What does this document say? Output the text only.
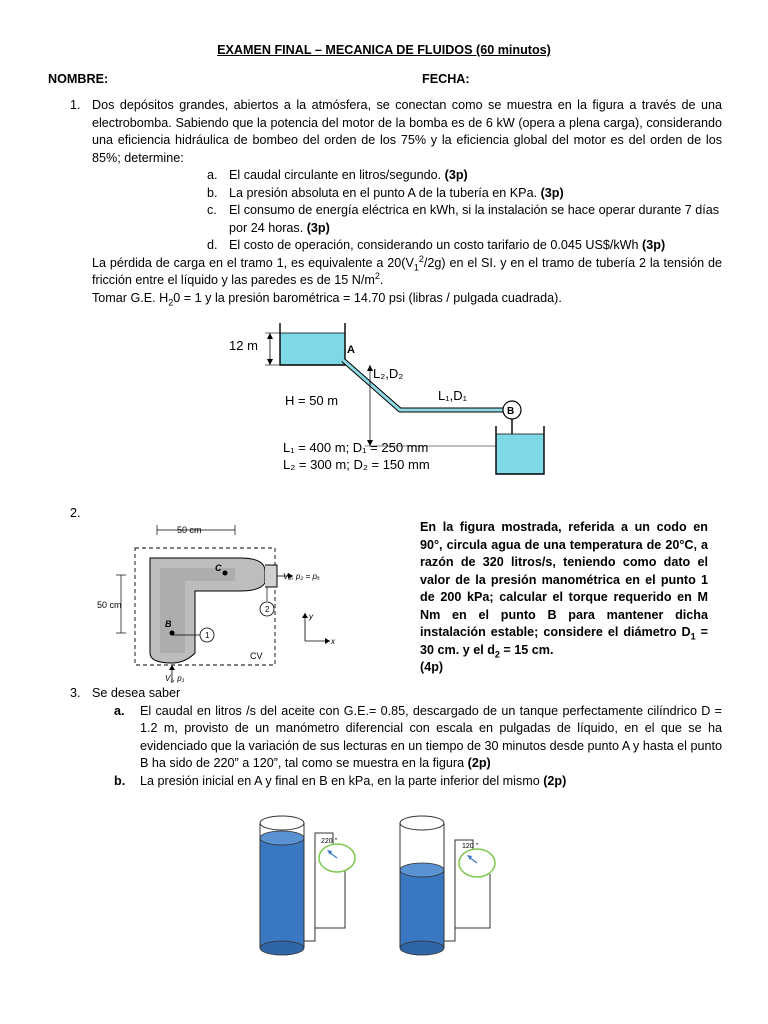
EXAMEN FINAL – MECANICA DE FLUIDOS (60 minutos)
NOMBRE:	FECHA:
1. Dos depósitos grandes, abiertos a la atmósfera, se conectan como se muestra en la figura a través de una electrobomba. Sabiendo que la potencia del motor de la bomba es de 6 kW (opera a plena carga), considerando una eficiencia hidráulica de bombeo del orden de los 75% y la eficiencia global del motor es del orden de los 85%; determine:
a. El caudal circulante en litros/segundo. (3p)
b. La presión absoluta en el punto A de la tubería en KPa. (3p)
c. El consumo de energía eléctrica en kWh, si la instalación se hace operar durante 7 días por 24 horas. (3p)
d. El costo de operación, considerando un costo tarifario de 0.045 US$/kWh (3p)
La pérdida de carga en el tramo 1, es equivalente a $20(V_1^2/2g)$ en el SI. y en el tramo de tubería 2 la tensión de fricción entre el líquido y las paredes es de 15 $N/m^2$.
Tomar G.E. $H_20 = 1$ y la presión barométrica = 14.70 psi (libras / pulgada cuadrada).
12 m	A
L₂,D₂
L₁,D₁
H = 50 m
B
L₁ = 400 m; D₁ = 250 mm
L₂ = 300 m; D₂ = 150 mm
2.
50 cm
50 cm
C
B
1
2
V₂, p₂ = pₐ
V₁, p₁
CV
y
x
En la figura mostrada, referida a un codo en 90°, circula agua de una temperatura de 20°C, a razón de 320 litros/s, teniendo como dato el valor de la presión manométrica en el punto 1 de 200 kPa; calcular el torque requerido en M Nm en el punto B para mantener dicha instalación estable; considere el diámetro $D_1 = 30$ cm. y el $d_2 = 15$ cm.
(4p)
3. Se desea saber
a. El caudal en litros /s del aceite con G.E.= 0.85, descargado de un tanque perfectamente cilíndrico D = 1.2 m, provisto de un manómetro diferencial con escala en pulgadas de líquido, en el que se ha evidenciado que la variación de sus lecturas en un tiempo de 30 minutos desde punto A y hasta el punto B ha sido de 220” a 120”, tal como se muestra en la figura (2p)
b. La presión inicial en A y final en B en kPa, en la parte inferior del mismo (2p)
220 "
120 "
